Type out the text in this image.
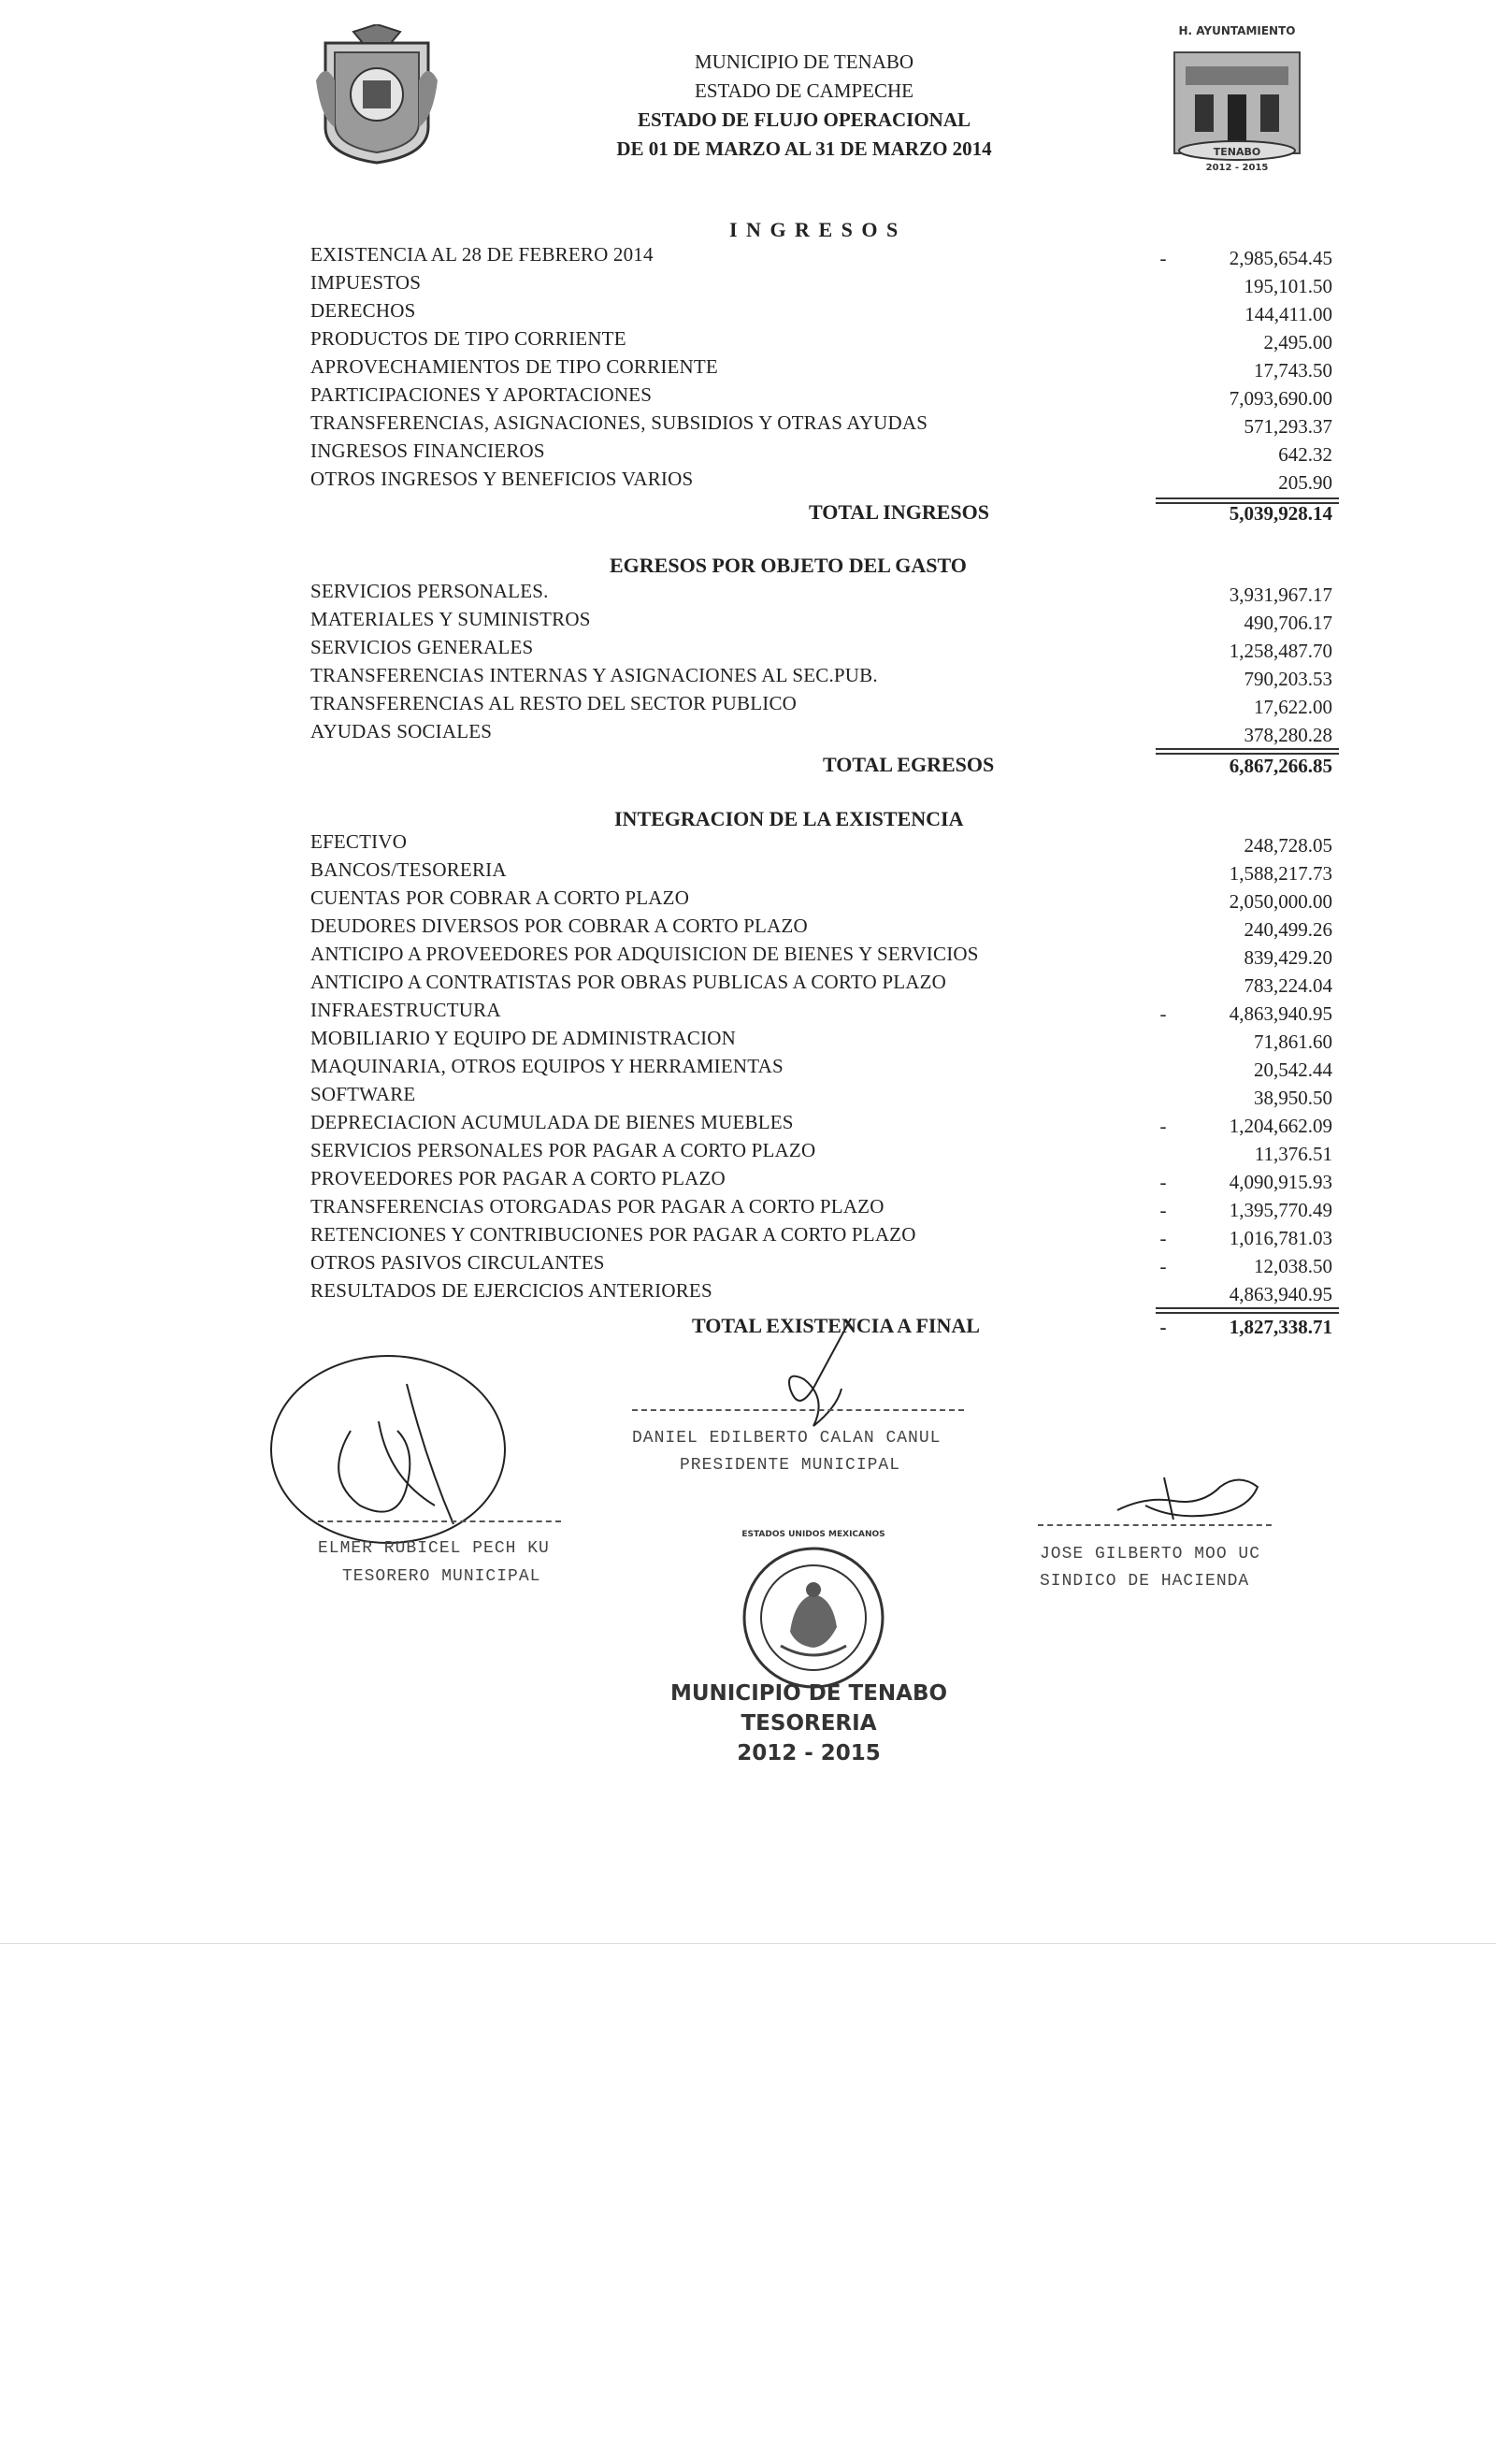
MUNICIPIO DE TENABO
ESTADO DE CAMPECHE
ESTADO DE FLUJO OPERACIONAL
DE 01 DE MARZO AL 31 DE MARZO 2014
H. AYUNTAMIENTO
TENABO
2012 - 2015
I N G R E S O S
EXISTENCIA AL 28 DE FEBRERO 2014	-	2,985,654.45
IMPUESTOS	195,101.50
DERECHOS	144,411.00
PRODUCTOS DE TIPO CORRIENTE	2,495.00
APROVECHAMIENTOS DE TIPO CORRIENTE	17,743.50
PARTICIPACIONES Y APORTACIONES	7,093,690.00
TRANSFERENCIAS, ASIGNACIONES, SUBSIDIOS Y OTRAS AYUDAS	571,293.37
INGRESOS FINANCIEROS	642.32
OTROS INGRESOS Y BENEFICIOS VARIOS	205.90
TOTAL INGRESOS	5,039,928.14
EGRESOS POR OBJETO DEL GASTO
SERVICIOS PERSONALES.	3,931,967.17
MATERIALES Y SUMINISTROS	490,706.17
SERVICIOS GENERALES	1,258,487.70
TRANSFERENCIAS INTERNAS Y ASIGNACIONES AL SEC.PUB.	790,203.53
TRANSFERENCIAS AL RESTO DEL SECTOR PUBLICO	17,622.00
AYUDAS SOCIALES	378,280.28
TOTAL EGRESOS	6,867,266.85
INTEGRACION DE LA EXISTENCIA
EFECTIVO	248,728.05
BANCOS/TESORERIA	1,588,217.73
CUENTAS POR COBRAR A CORTO PLAZO	2,050,000.00
DEUDORES DIVERSOS POR COBRAR A CORTO PLAZO	240,499.26
ANTICIPO A PROVEEDORES POR ADQUISICION DE BIENES Y SERVICIOS	839,429.20
ANTICIPO A CONTRATISTAS POR OBRAS PUBLICAS A CORTO PLAZO	783,224.04
INFRAESTRUCTURA	-	4,863,940.95
MOBILIARIO Y EQUIPO DE ADMINISTRACION	71,861.60
MAQUINARIA, OTROS EQUIPOS Y HERRAMIENTAS	20,542.44
SOFTWARE	38,950.50
DEPRECIACION ACUMULADA DE BIENES MUEBLES	-	1,204,662.09
SERVICIOS PERSONALES POR PAGAR A CORTO PLAZO	11,376.51
PROVEEDORES POR PAGAR A CORTO PLAZO	-	4,090,915.93
TRANSFERENCIAS OTORGADAS POR PAGAR A CORTO PLAZO	-	1,395,770.49
RETENCIONES Y CONTRIBUCIONES POR PAGAR A CORTO PLAZO	-	1,016,781.03
OTROS PASIVOS CIRCULANTES	-	12,038.50
RESULTADOS DE EJERCICIOS ANTERIORES	4,863,940.95
TOTAL EXISTENCIA A FINAL	-	1,827,338.71
DANIEL EDILBERTO CALAN CANUL
PRESIDENTE MUNICIPAL
ELMER RUBICEL PECH KU
TESORERO MUNICIPAL
JOSE GILBERTO MOO UC
SINDICO DE HACIENDA
ESTADOS UNIDOS MEXICANOS
MUNICIPIO DE TENABO
TESORERIA
2012 - 2015
